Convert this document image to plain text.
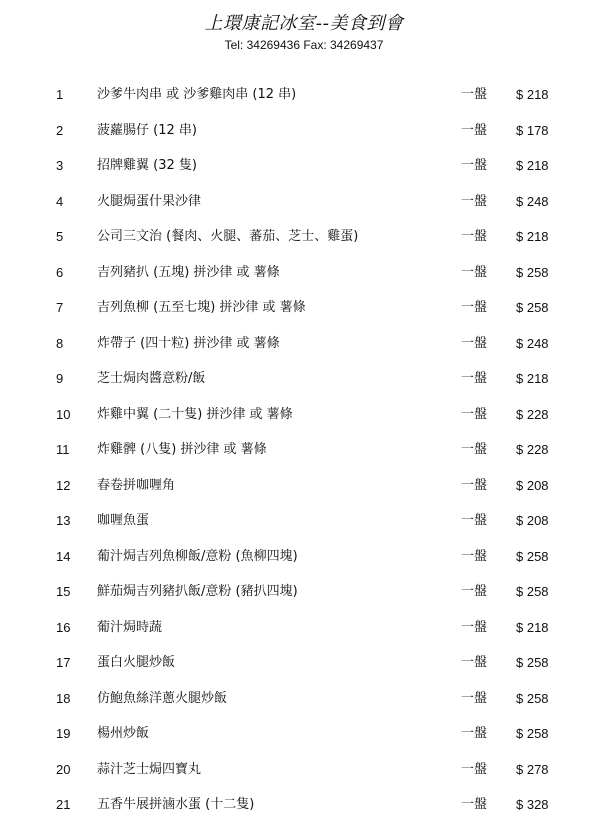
上環康記冰室--美食到會
Tel: 34269436 Fax: 34269437
1	沙爹牛肉串 或 沙爹雞肉串 (12 串)	一盤	$ 218
2	菠蘿腸仔 (12 串)	一盤	$ 178
3	招牌雞翼 (32 隻)	一盤	$ 218
4	火腿焗蛋什果沙律	一盤	$ 248
5	公司三文治 (餐肉、火腿、蕃茄、芝士、雞蛋)	一盤	$ 218
6	吉列豬扒 (五塊) 拼沙律 或 薯條	一盤	$ 258
7	吉列魚柳 (五至七塊) 拼沙律 或 薯條	一盤	$ 258
8	炸帶子 (四十粒) 拼沙律 或 薯條	一盤	$ 248
9	芝士焗肉醬意粉/飯	一盤	$ 218
10	炸雞中翼 (二十隻) 拼沙律 或 薯條	一盤	$ 228
11	炸雞髀 (八隻) 拼沙律 或 薯條	一盤	$ 228
12	春卷拼咖喱角	一盤	$ 208
13	咖喱魚蛋	一盤	$ 208
14	葡汁焗吉列魚柳飯/意粉 (魚柳四塊)	一盤	$ 258
15	鮮茄焗吉列豬扒飯/意粉 (豬扒四塊)	一盤	$ 258
16	葡汁焗時蔬	一盤	$ 218
17	蛋白火腿炒飯	一盤	$ 258
18	仿鮑魚絲洋蔥火腿炒飯	一盤	$ 258
19	楊州炒飯	一盤	$ 258
20	蒜汁芝士焗四寶丸	一盤	$ 278
21	五香牛展拼滷水蛋 (十二隻)	一盤	$ 328
